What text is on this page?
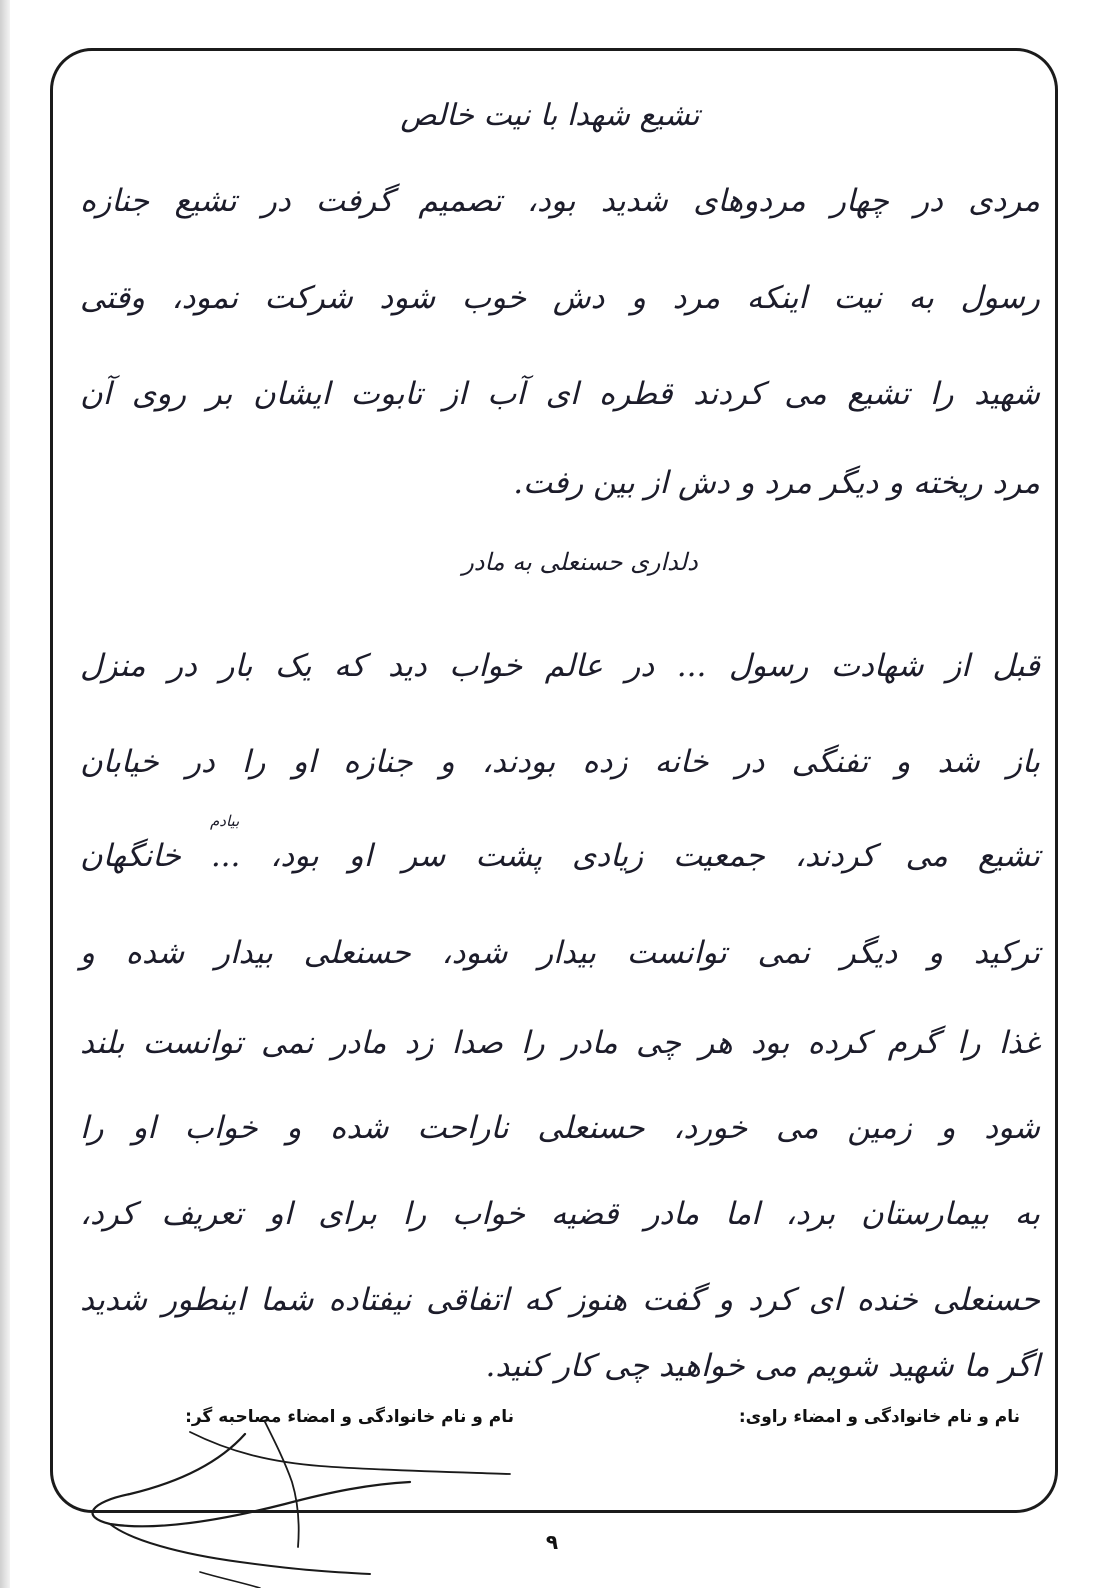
تشیع شهدا با نیت خالص
مردی در چهار مردوهای شدید بود، تصمیم گرفت در تشیع جنازه
رسول به نیت اینکه مرد و دش خوب شود شرکت نمود، وقتی
شهید را تشیع می کردند قطره ای آب از تابوت ایشان بر روی آن
مرد ریخته و دیگر مرد و دش از بین رفت.
دلداری حسنعلی به مادر
قبل از شهادت رسول ... در عالم خواب دید که یک بار در منزل
باز شد و تفنگی در خانه زده بودند، و جنازه او را در خیابان
بیادم
تشیع می کردند، جمعیت زیادی پشت سر او بود، ... خانگهان
ترکید و دیگر نمی توانست بیدار شود، حسنعلی بیدار شده و
غذا را گرم کرده بود هر چی مادر را صدا زد مادر نمی توانست بلند
شود و زمین می خورد، حسنعلی ناراحت شده و خواب او را
به بیمارستان برد، اما مادر قضیه خواب را برای او تعریف کرد،
حسنعلی خنده ای کرد و گفت هنوز که اتفاقی نیفتاده شما اینطور شدید
اگر ما شهید شویم می خواهید چی کار کنید.
نام و نام خانوادگی و امضاء راوی:
نام و نام خانوادگی و امضاء مصاحبه گر:
۹
